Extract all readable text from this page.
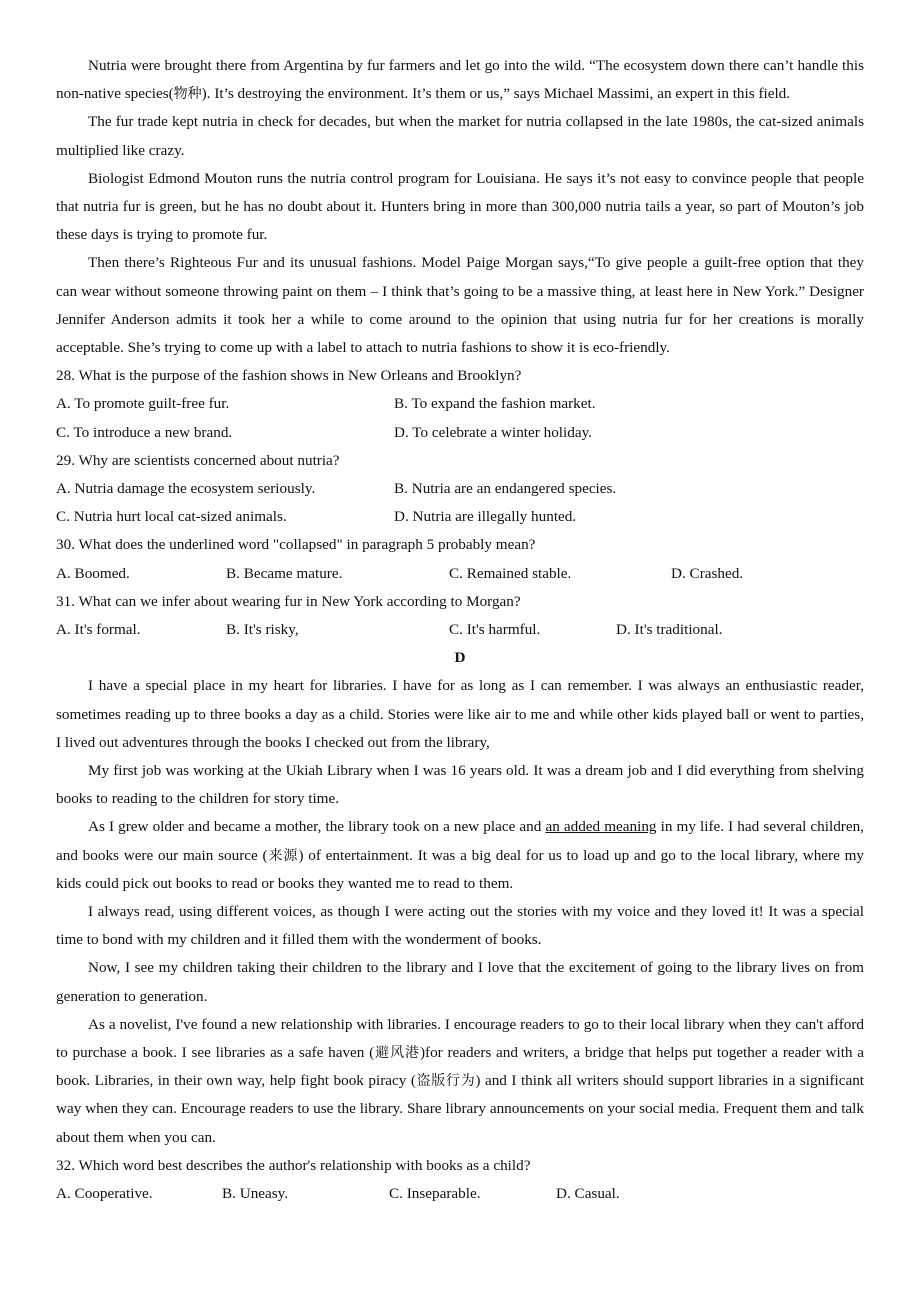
Nutria were brought there from Argentina by fur farmers and let go into the wild. “The ecosystem down there can’t handle this non-native species(物种). It’s destroying the environment. It’s them or us,” says Michael Massimi, an expert in this field.

The fur trade kept nutria in check for decades, but when the market for nutria collapsed in the late 1980s, the cat-sized animals multiplied like crazy.

Biologist Edmond Mouton runs the nutria control program for Louisiana. He says it’s not easy to convince people that people that nutria fur is green, but he has no doubt about it. Hunters bring in more than 300,000 nutria tails a year, so part of Mouton’s job these days is trying to promote fur.

Then there’s Righteous Fur and its unusual fashions. Model Paige Morgan says,“To give people a guilt-free option that they can wear without someone throwing paint on them – I think that’s going to be a massive thing, at least here in New York.” Designer Jennifer Anderson admits it took her a while to come around to the opinion that using nutria fur for her creations is morally acceptable. She’s trying to come up with a label to attach to nutria fashions to show it is eco-friendly.

28. What is the purpose of the fashion shows in New Orleans and Brooklyn?

A. To promote guilt-free fur.	B. To expand the fashion market.
C. To introduce a new brand.	D. To celebrate a winter holiday.

29. Why are scientists concerned about nutria?

A. Nutria damage the ecosystem seriously.	B. Nutria are an endangered species.
C. Nutria hurt local cat-sized animals.	D. Nutria are illegally hunted.

30. What does the underlined word "collapsed" in paragraph 5 probably mean?

A. Boomed.	B. Became mature.	C. Remained stable.	D. Crashed.

31. What can we infer about wearing fur in New York according to Morgan?

A. It's formal.	B. It's risky,	C. It's harmful.	D. It's traditional.

D

I have a special place in my heart for libraries. I have for as long as I can remember. I was always an enthusiastic reader, sometimes reading up to three books a day as a child. Stories were like air to me and while other kids played ball or went to parties, I lived out adventures through the books I checked out from the library,

My first job was working at the Ukiah Library when I was 16 years old. It was a dream job and I did everything from shelving books to reading to the children for story time.

As I grew older and became a mother, the library took on a new place and an added meaning in my life. I had several children, and books were our main source (来源) of entertainment. It was a big deal for us to load up and go to the local library, where my kids could pick out books to read or books they wanted me to read to them.

I always read, using different voices, as though I were acting out the stories with my voice and they loved it! It was a special time to bond with my children and it filled them with the wonderment of books.

Now, I see my children taking their children to the library and I love that the excitement of going to the library lives on from generation to generation.

As a novelist, I've found a new relationship with libraries. I encourage readers to go to their local library when they can't afford to purchase a book. I see libraries as a safe haven (避风港)for readers and writers, a bridge that helps put together a reader with a book. Libraries, in their own way, help fight book piracy (盗版行为) and I think all writers should support libraries in a significant way when they can. Encourage readers to use the library. Share library announcements on your social media. Frequent them and talk about them when you can.

32. Which word best describes the author's relationship with books as a child?

A. Cooperative.	B. Uneasy.	C. Inseparable.	D. Casual.
